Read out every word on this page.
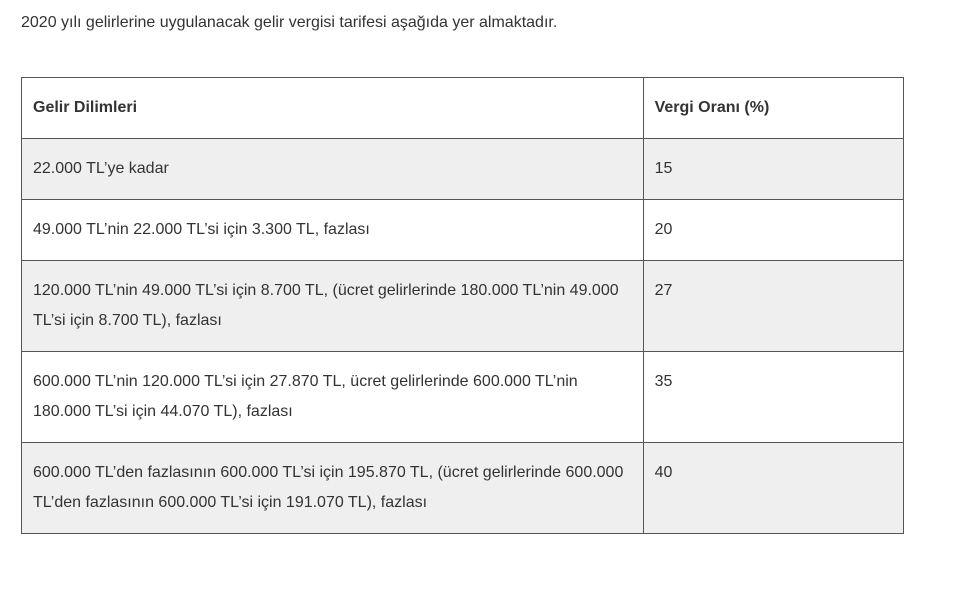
2020 yılı gelirlerine uygulanacak gelir vergisi tarifesi aşağıda yer almaktadır.

Gelir Dilimleri	Vergi Oranı (%)
22.000 TL’ye kadar	15
49.000 TL’nin 22.000 TL’si için 3.300 TL, fazlası	20
120.000 TL’nin 49.000 TL’si için 8.700 TL, (ücret gelirlerinde 180.000 TL’nin 49.000 TL’si için 8.700 TL), fazlası	27
600.000 TL’nin 120.000 TL’si için 27.870 TL, ücret gelirlerinde 600.000 TL’nin 180.000 TL’si için 44.070 TL), fazlası	35
600.000 TL’den fazlasının 600.000 TL’si için 195.870 TL, (ücret gelirlerinde 600.000 TL’den fazlasının 600.000 TL’si için 191.070 TL), fazlası	40
